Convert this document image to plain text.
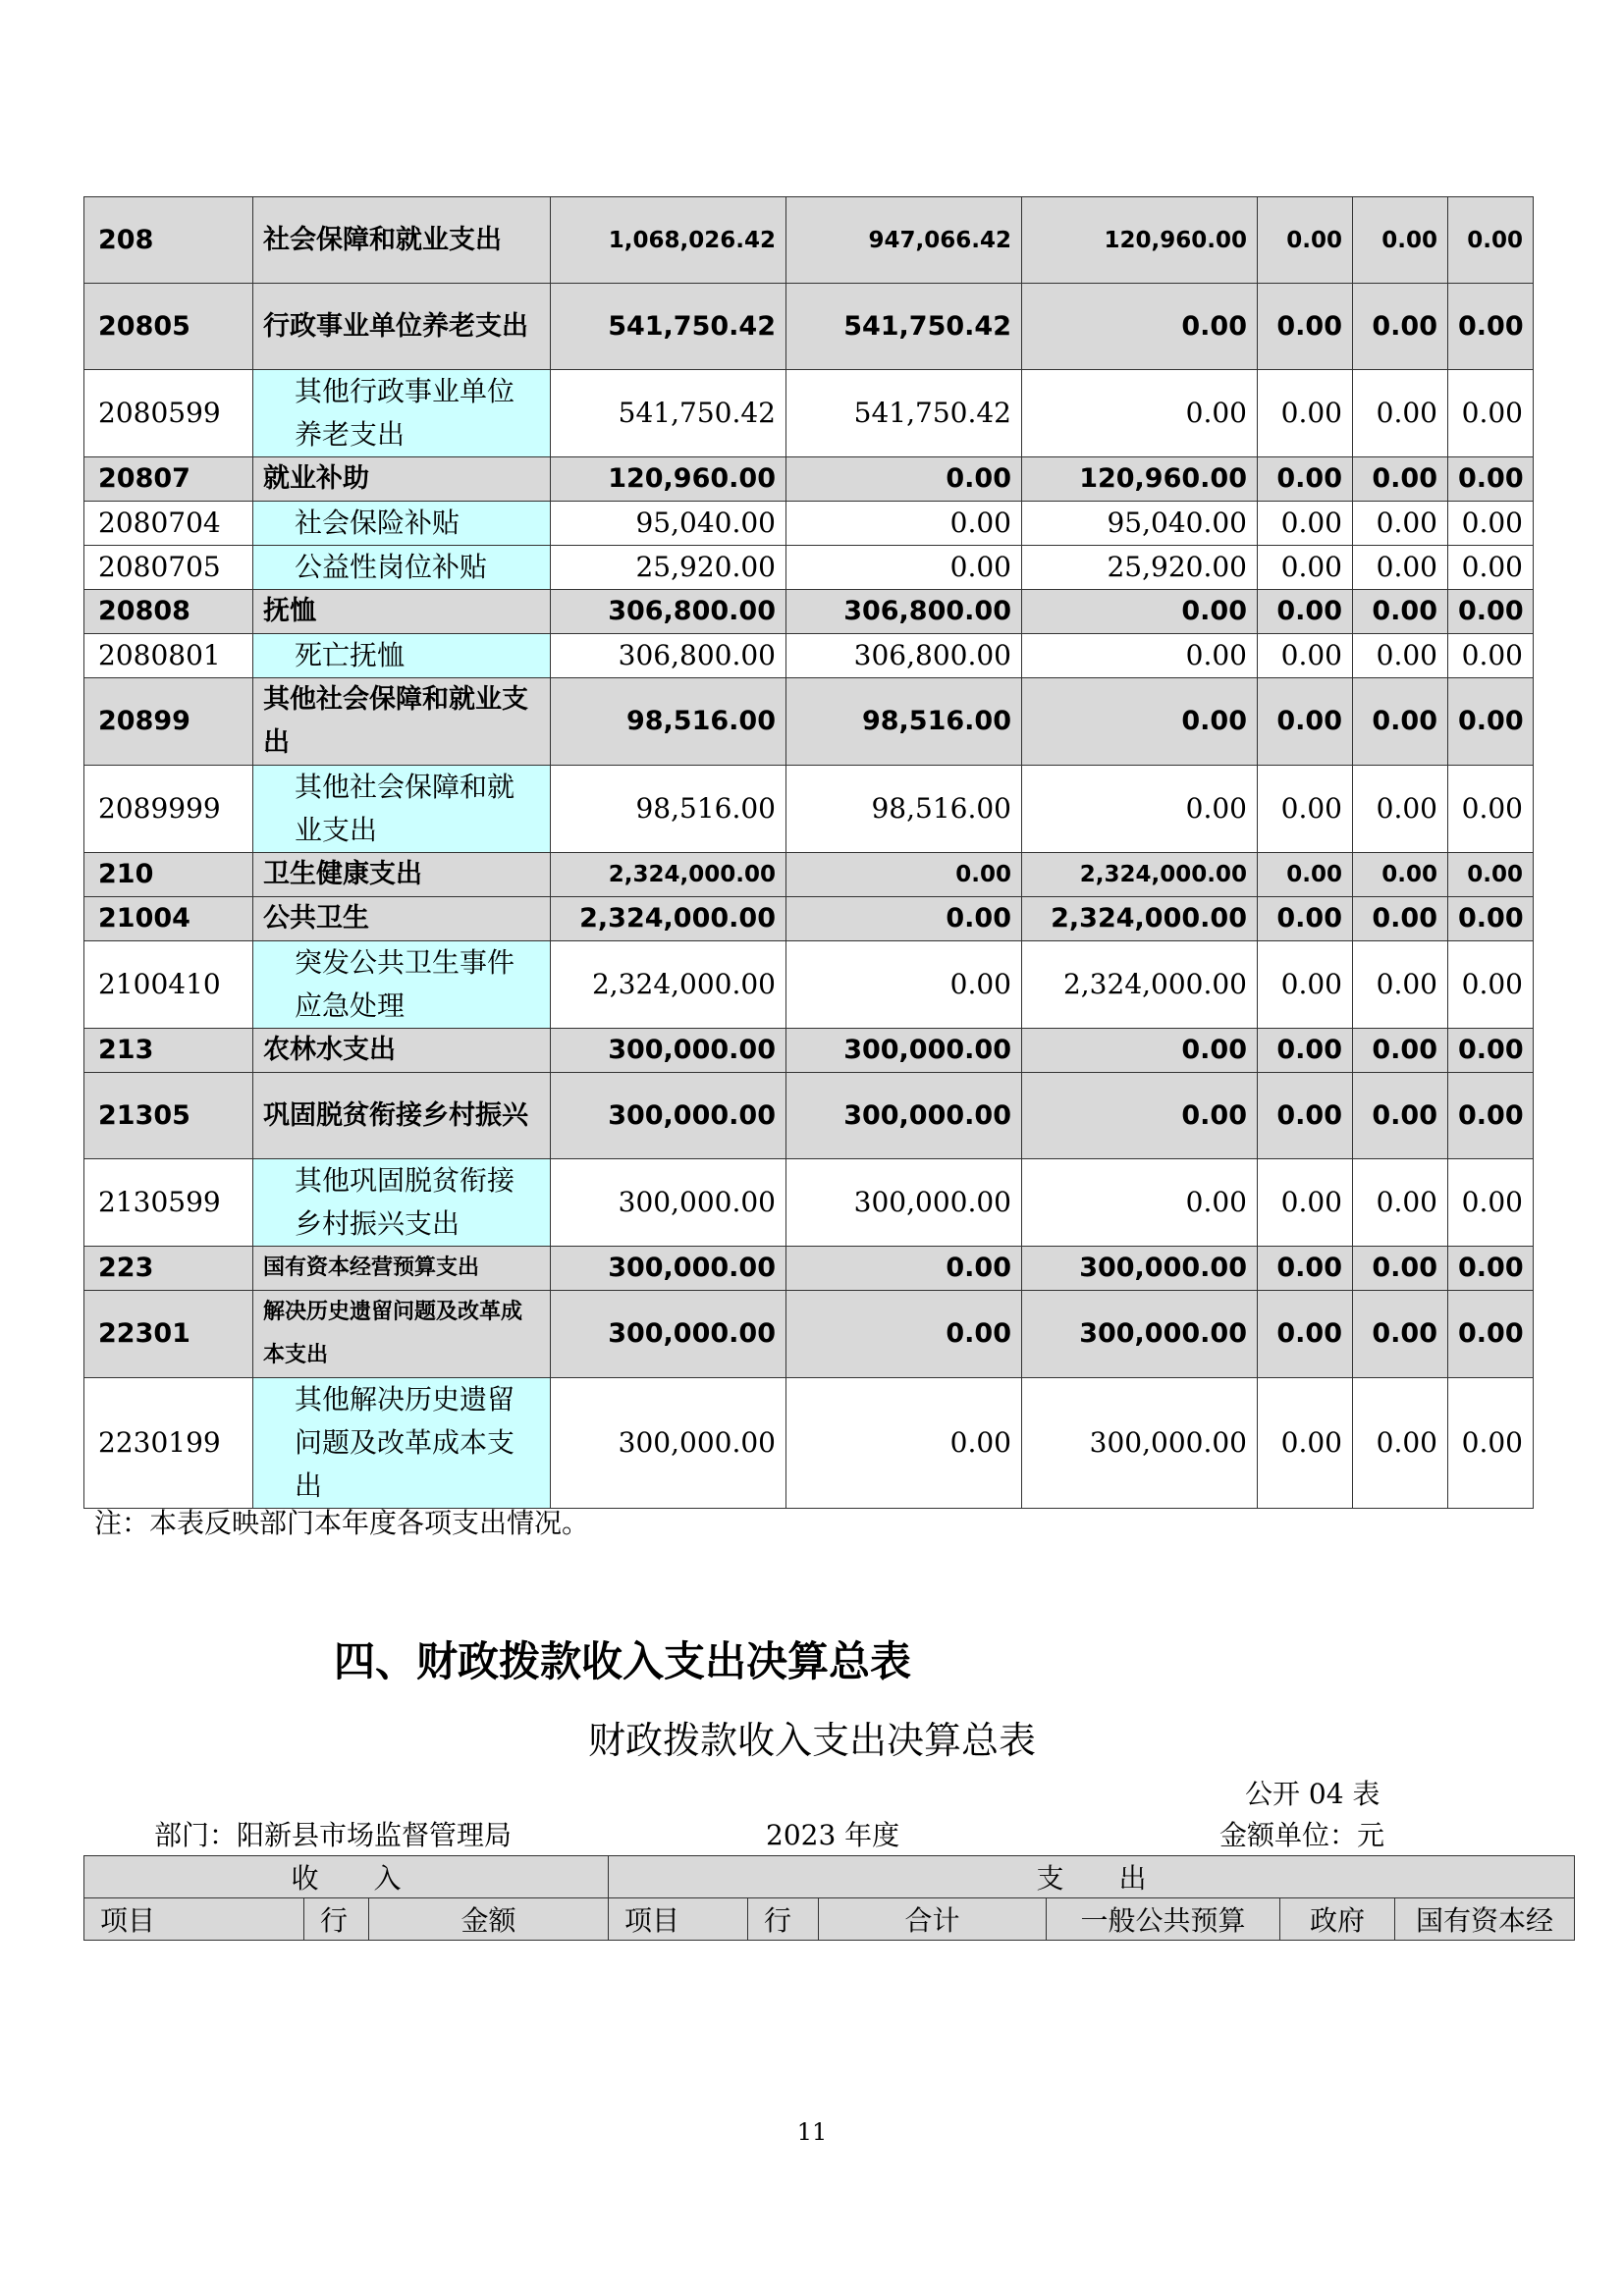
208	社会保障和就业支出	1,068,026.42	947,066.42	120,960.00	0.00	0.00	0.00
20805	行政事业单位养老支出	541,750.42	541,750.42	0.00	0.00	0.00	0.00
2080599	其他行政事业单位养老支出	541,750.42	541,750.42	0.00	0.00	0.00	0.00
20807	就业补助	120,960.00	0.00	120,960.00	0.00	0.00	0.00
2080704	社会保险补贴	95,040.00	0.00	95,040.00	0.00	0.00	0.00
2080705	公益性岗位补贴	25,920.00	0.00	25,920.00	0.00	0.00	0.00
20808	抚恤	306,800.00	306,800.00	0.00	0.00	0.00	0.00
2080801	死亡抚恤	306,800.00	306,800.00	0.00	0.00	0.00	0.00
20899	其他社会保障和就业支出	98,516.00	98,516.00	0.00	0.00	0.00	0.00
2089999	其他社会保障和就业支出	98,516.00	98,516.00	0.00	0.00	0.00	0.00
210	卫生健康支出	2,324,000.00	0.00	2,324,000.00	0.00	0.00	0.00
21004	公共卫生	2,324,000.00	0.00	2,324,000.00	0.00	0.00	0.00
2100410	突发公共卫生事件应急处理	2,324,000.00	0.00	2,324,000.00	0.00	0.00	0.00
213	农林水支出	300,000.00	300,000.00	0.00	0.00	0.00	0.00
21305	巩固脱贫衔接乡村振兴	300,000.00	300,000.00	0.00	0.00	0.00	0.00
2130599	其他巩固脱贫衔接乡村振兴支出	300,000.00	300,000.00	0.00	0.00	0.00	0.00
223	国有资本经营预算支出	300,000.00	0.00	300,000.00	0.00	0.00	0.00
22301	解决历史遗留问题及改革成本支出	300,000.00	0.00	300,000.00	0.00	0.00	0.00
2230199	其他解决历史遗留问题及改革成本支出	300,000.00	0.00	300,000.00	0.00	0.00	0.00
注：本表反映部门本年度各项支出情况。
四、财政拨款收入支出决算总表
财政拨款收入支出决算总表
公开 04 表
部门：阳新县市场监督管理局	2023 年度	金额单位：元
收　　入			支　　出					
项目	行	金额	项目	行	合计	一般公共预算	政府	国有资本经
11
